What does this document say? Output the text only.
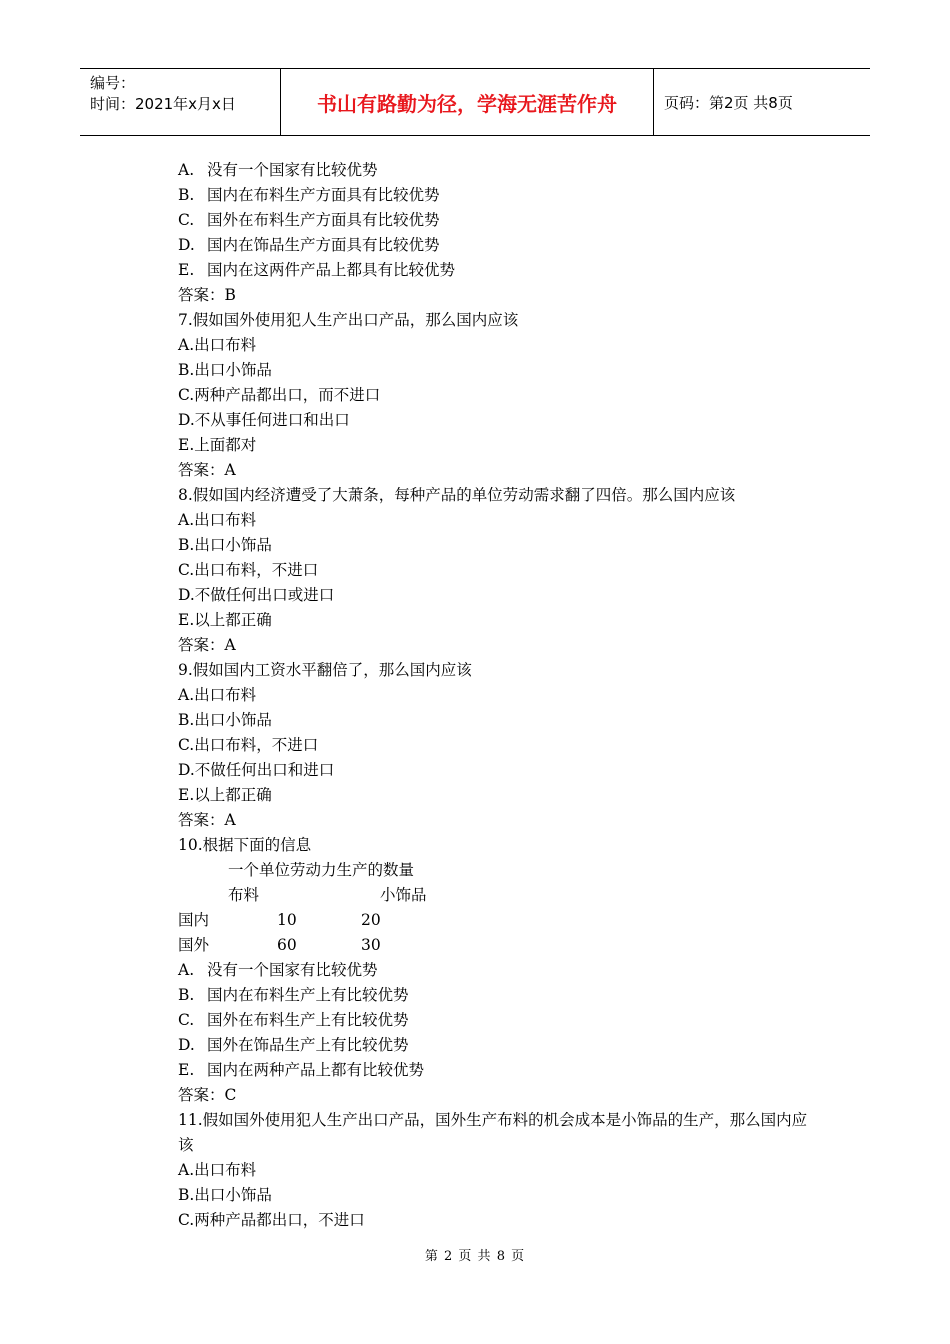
编号：
时间：2021年x月x日	书山有路勤为径，学海无涯苦作舟	页码：第2页 共8页
A. 没有一个国家有比较优势
B. 国内在布料生产方面具有比较优势
C. 国外在布料生产方面具有比较优势
D. 国内在饰品生产方面具有比较优势
E. 国内在这两件产品上都具有比较优势
答案：B
7.假如国外使用犯人生产出口产品，那么国内应该
A.出口布料
B.出口小饰品
C.两种产品都出口，而不进口
D.不从事任何进口和出口
E.上面都对
答案：A
8.假如国内经济遭受了大萧条，每种产品的单位劳动需求翻了四倍。那么国内应该
A.出口布料
B.出口小饰品
C.出口布料，不进口
D.不做任何出口或进口
E.以上都正确
答案：A
9.假如国内工资水平翻倍了，那么国内应该
A.出口布料
B.出口小饰品
C.出口布料，不进口
D.不做任何出口和进口
E.以上都正确
答案：A
10.根据下面的信息
一个单位劳动力生产的数量
布料	小饰品
国内	10	20
国外	60	30
A. 没有一个国家有比较优势
B. 国内在布料生产上有比较优势
C. 国外在布料生产上有比较优势
D. 国外在饰品生产上有比较优势
E. 国内在两种产品上都有比较优势
答案：C
11.假如国外使用犯人生产出口产品，国外生产布料的机会成本是小饰品的生产，那么国内应该
A.出口布料
B.出口小饰品
C.两种产品都出口，不进口
第 2 页 共 8 页
